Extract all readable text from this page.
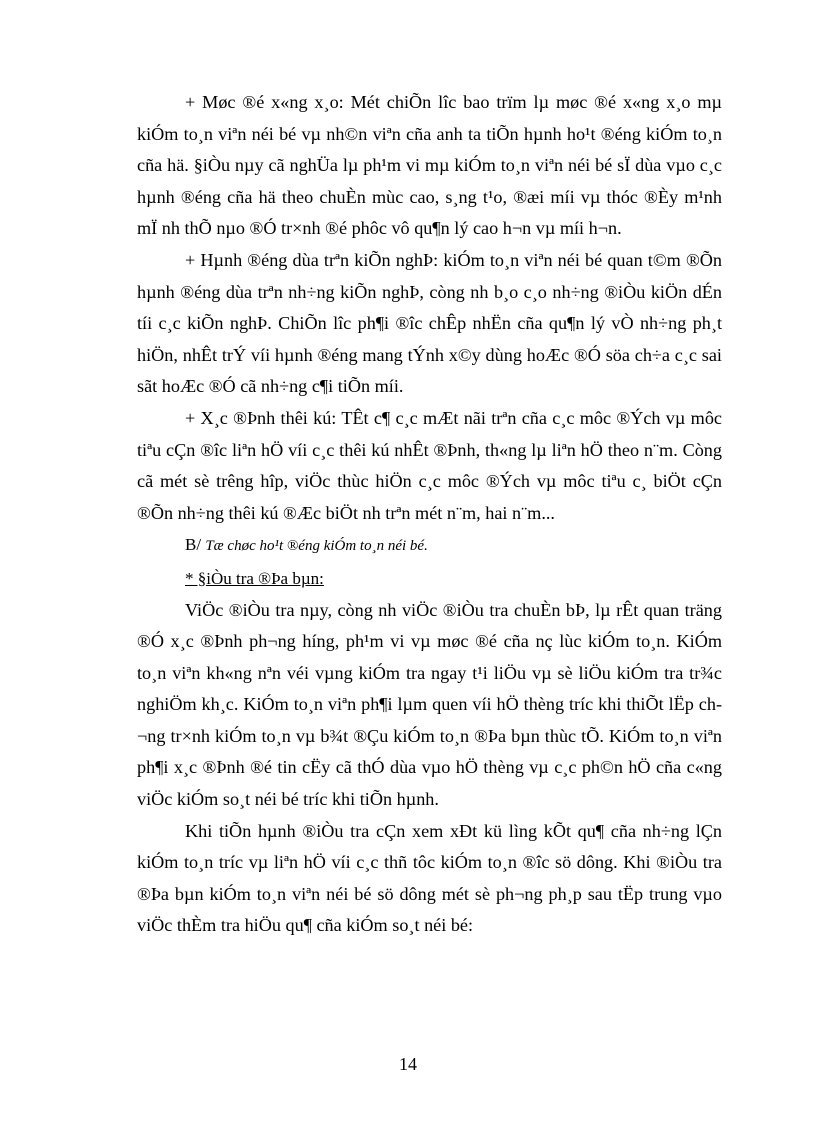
+ Møc ®é x«ng x¸o: Mét chiÕn lîc bao trïm lµ møc ®é x«ng x¸o mµ kiÓm to¸n viªn néi bé vµ nh©n viªn cña anh ta tiÕn hµnh ho¹t ®éng kiÓm to¸n cña hä. §iÒu nµy cã nghÜa lµ ph¹m vi mµ kiÓm to¸n viªn néi bé sÏ dùa vµo c¸c hµnh ®éng cña hä theo chuÈn mùc cao, s¸ng t¹o, ®æi míi vµ thóc ®Èy m¹nh mÏ nh thÕ nµo ®Ó tr×nh ®é phôc vô qu¶n lý cao h¬n vµ míi h¬n.

+ Hµnh ®éng dùa trªn kiÕn nghÞ: kiÓm to¸n viªn néi bé quan t©m ®Õn hµnh ®éng dùa trªn nh÷ng kiÕn nghÞ, còng nh b¸o c¸o nh÷ng ®iÒu kiÖn dÉn tíi c¸c kiÕn nghÞ. ChiÕn lîc ph¶i ®îc chÊp nhËn cña qu¶n lý vÒ nh÷ng ph¸t hiÖn, nhÊt trÝ víi hµnh ®éng mang tÝnh x©y dùng hoÆc ®Ó söa ch÷a c¸c sai sãt hoÆc ®Ó cã nh÷ng c¶i tiÕn míi.

+ X¸c ®Þnh thêi kú: TÊt c¶ c¸c mÆt nãi trªn cña c¸c môc ®Ých vµ môc tiªu cÇn ®îc liªn hÖ víi c¸c thêi kú nhÊt ®Þnh, th«ng lµ liªn hÖ theo n¨m. Còng cã mét sè trêng hîp, viÖc thùc hiÖn c¸c môc ®Ých vµ môc tiªu c¸ biÖt cÇn ®Õn nh÷ng thêi kú ®Æc biÖt nh trªn mét n¨m, hai n¨m...

B/ Tæ chøc ho¹t ®éng kiÓm to¸n néi bé.

* §iÒu tra ®Þa bµn:

ViÖc ®iÒu tra nµy, còng nh viÖc ®iÒu tra chuÈn bÞ, lµ rÊt quan träng ®Ó x¸c ®Þnh ph¬ng híng, ph¹m vi vµ møc ®é cña nç lùc kiÓm to¸n. KiÓm to¸n viªn kh«ng nªn véi vµng kiÓm tra ngay t¹i liÖu vµ sè liÖu kiÓm tra tr¾c nghiÖm kh¸c. KiÓm to¸n viªn ph¶i lµm quen víi hÖ thèng tríc khi thiÕt lËp ch¬ng tr×nh kiÓm to¸n vµ b¾t ®Çu kiÓm to¸n ®Þa bµn thùc tÕ. KiÓm to¸n viªn ph¶i x¸c ®Þnh ®é tin cËy cã thÓ dùa vµo hÖ thèng vµ c¸c ph©n hÖ cña c«ng viÖc kiÓm so¸t néi bé tríc khi tiÕn hµnh.

Khi tiÕn hµnh ®iÒu tra cÇn xem xÐt kü lìng kÕt qu¶ cña nh÷ng lÇn kiÓm to¸n tríc vµ liªn hÖ víi c¸c thñ tôc kiÓm to¸n ®îc sö dông. Khi ®iÒu tra ®Þa bµn kiÓm to¸n viªn néi bé sö dông mét sè ph¬ng ph¸p sau tËp trung vµo viÖc thÈm tra hiÖu qu¶ cña kiÓm so¸t néi bé:

14
